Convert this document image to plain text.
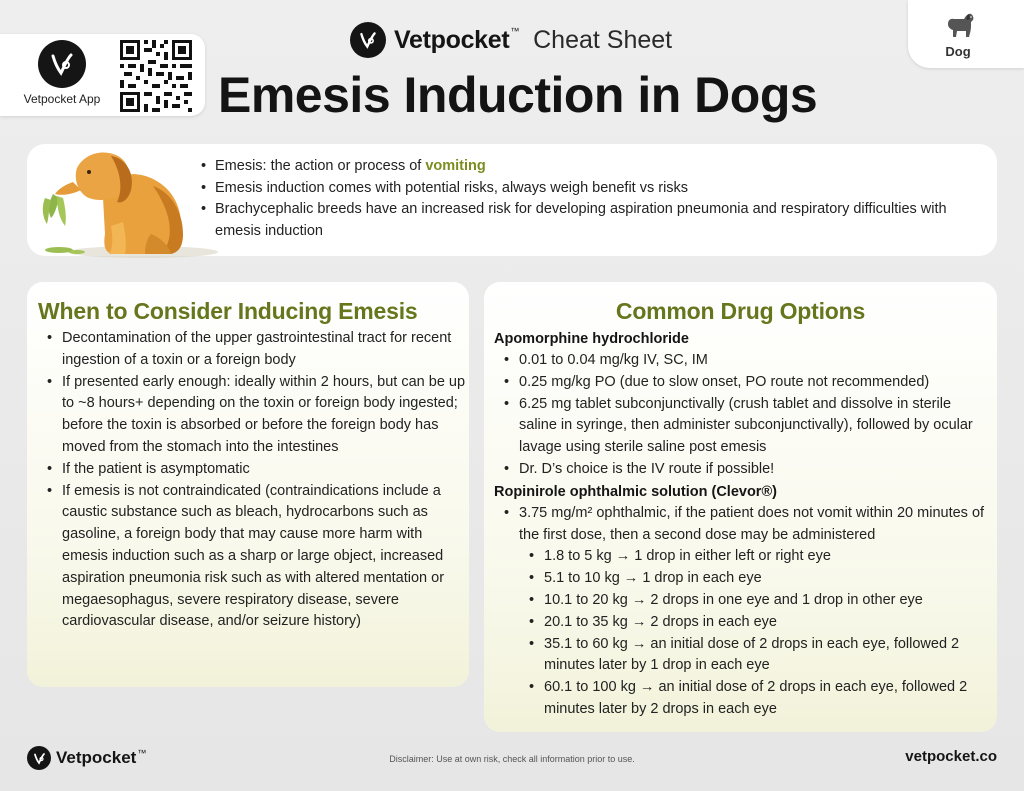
Vetpocket App
Vetpocket™ Cheat Sheet
Emesis Induction in Dogs
Dog
• Emesis: the action or process of vomiting
• Emesis induction comes with potential risks, always weigh benefit vs risks
• Brachycephalic breeds have an increased risk for developing aspiration pneumonia and respiratory difficulties with emesis induction
When to Consider Inducing Emesis
• Decontamination of the upper gastrointestinal tract for recent ingestion of a toxin or a foreign body
• If presented early enough: ideally within 2 hours, but can be up to ~8 hours+ depending on the toxin or foreign body ingested; before the toxin is absorbed or before the foreign body has moved from the stomach into the intestines
• If the patient is asymptomatic
• If emesis is not contraindicated (contraindications include a caustic substance such as bleach, hydrocarbons such as gasoline, a foreign body that may cause more harm with emesis induction such as a sharp or large object, increased aspiration pneumonia risk such as with altered mentation or megaesophagus, severe respiratory disease, severe cardiovascular disease, and/or seizure history)
Common Drug Options
Apomorphine hydrochloride
• 0.01 to 0.04 mg/kg IV, SC, IM
• 0.25 mg/kg PO (due to slow onset, PO route not recommended)
• 6.25 mg tablet subconjunctivally (crush tablet and dissolve in sterile saline in syringe, then administer subconjunctivally), followed by ocular lavage using sterile saline post emesis
• Dr. D’s choice is the IV route if possible!
Ropinirole ophthalmic solution (Clevor®)
• 3.75 mg/m² ophthalmic, if the patient does not vomit within 20 minutes of the first dose, then a second dose may be administered
• 1.8 to 5 kg → 1 drop in either left or right eye
• 5.1 to 10 kg → 1 drop in each eye
• 10.1 to 20 kg → 2 drops in one eye and 1 drop in other eye
• 20.1 to 35 kg → 2 drops in each eye
• 35.1 to 60 kg → an initial dose of 2 drops in each eye, followed 2 minutes later by 1 drop in each eye
• 60.1 to 100 kg → an initial dose of 2 drops in each eye, followed 2 minutes later by 2 drops in each eye
Vetpocket™
Disclaimer: Use at own risk, check all information prior to use.	vetpocket.co
